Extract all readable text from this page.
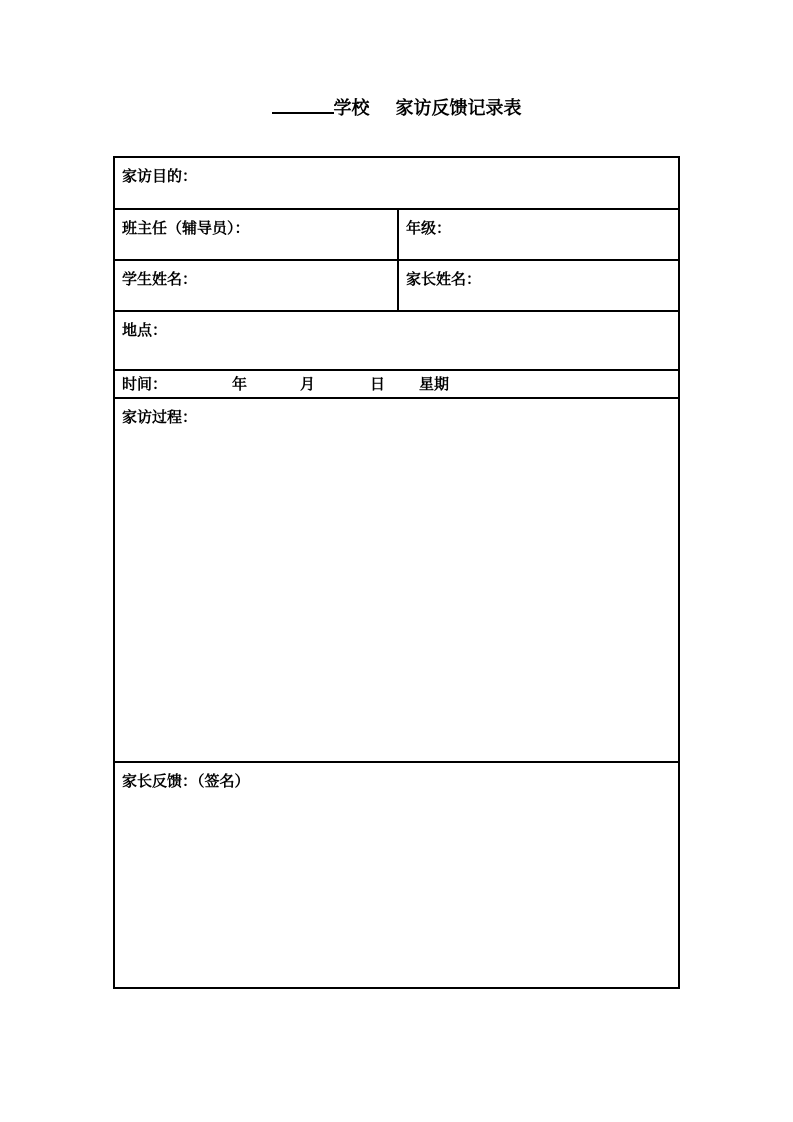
学校 家访反馈记录表
家访目的：
班主任（辅导员）：	年级：
学生姓名：	家长姓名：
地点：
时间：	年	月	日 星期
家访过程：
家长反馈：（签名）
